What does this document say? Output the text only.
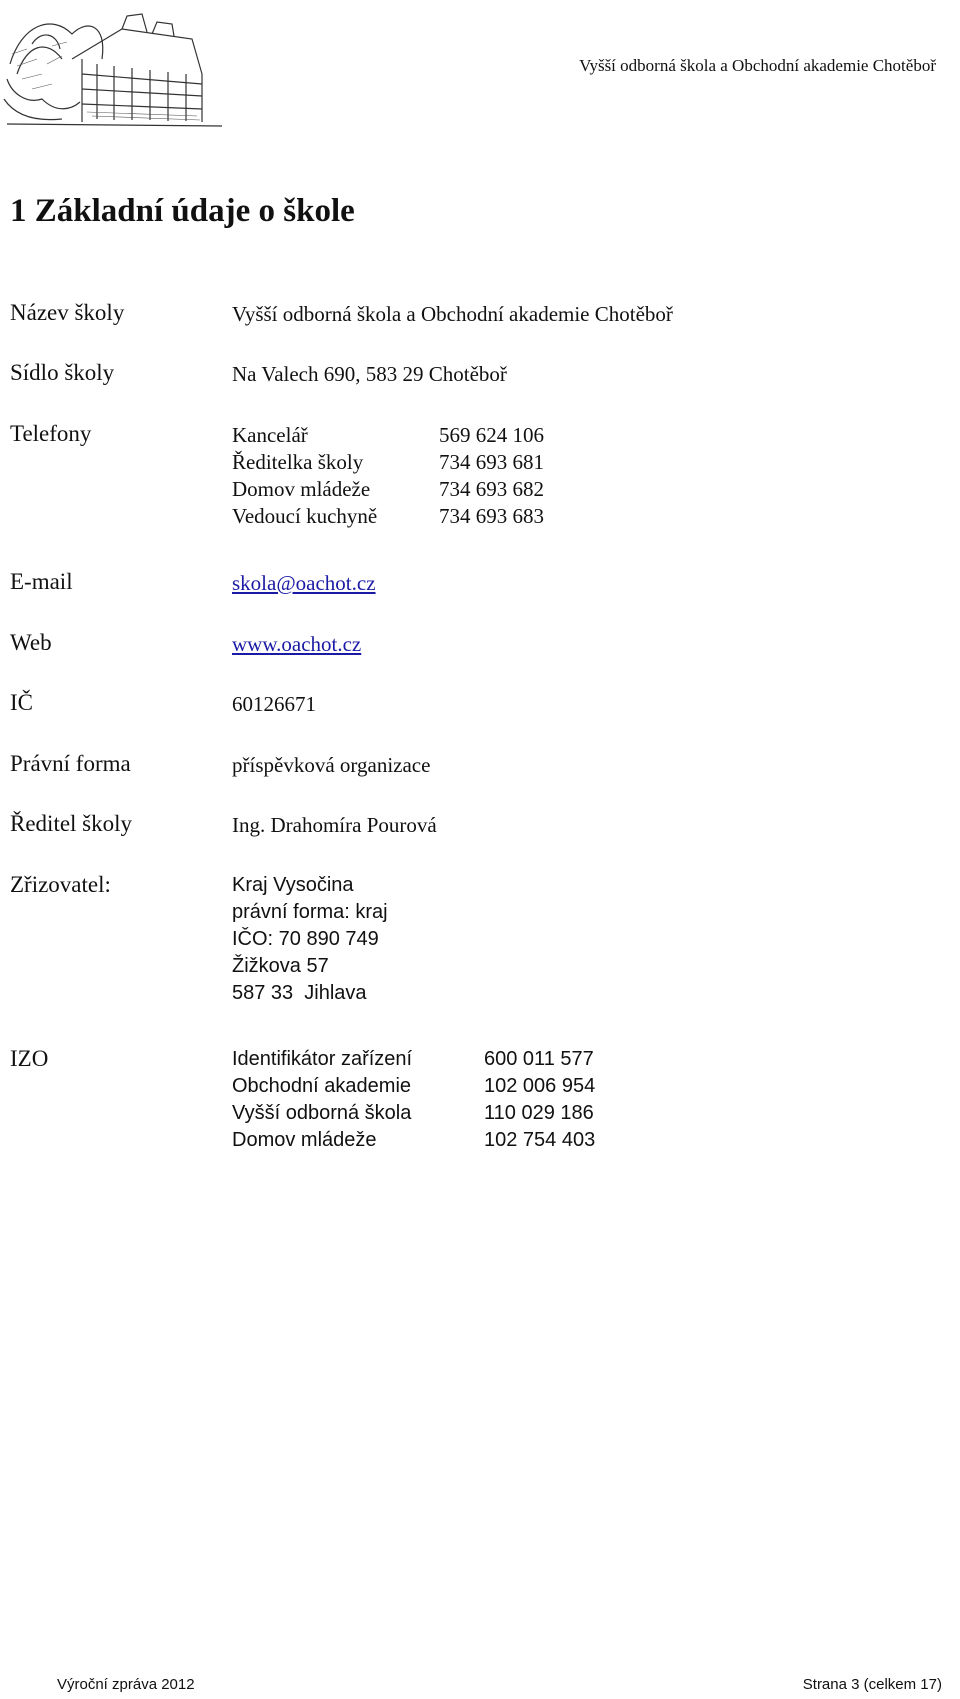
Vyšší odborná škola a Obchodní akademie Chotěboř
1 Základní údaje o škole
Název školy	Vyšší odborná škola a Obchodní akademie Chotěboř
Sídlo školy	Na Valech 690, 583 29 Chotěboř
Telefony	Kancelář	569 624 106
Ředitelka školy	734 693 681
Domov mládeže	734 693 682
Vedoucí kuchyně	734 693 683
E-mail	skola@oachot.cz
Web	www.oachot.cz
IČ	60126671
Právní forma	příspěvková organizace
Ředitel školy	Ing. Drahomíra Pourová
Zřizovatel:	Kraj Vysočina
právní forma: kraj
IČO: 70 890 749
Žižkova 57
587 33  Jihlava
IZO	Identifikátor zařízení	600 011 577
Obchodní akademie	102 006 954
Vyšší odborná škola	110 029 186
Domov mládeže	102 754 403
Výroční zpráva 2012	Strana 3 (celkem 17)
